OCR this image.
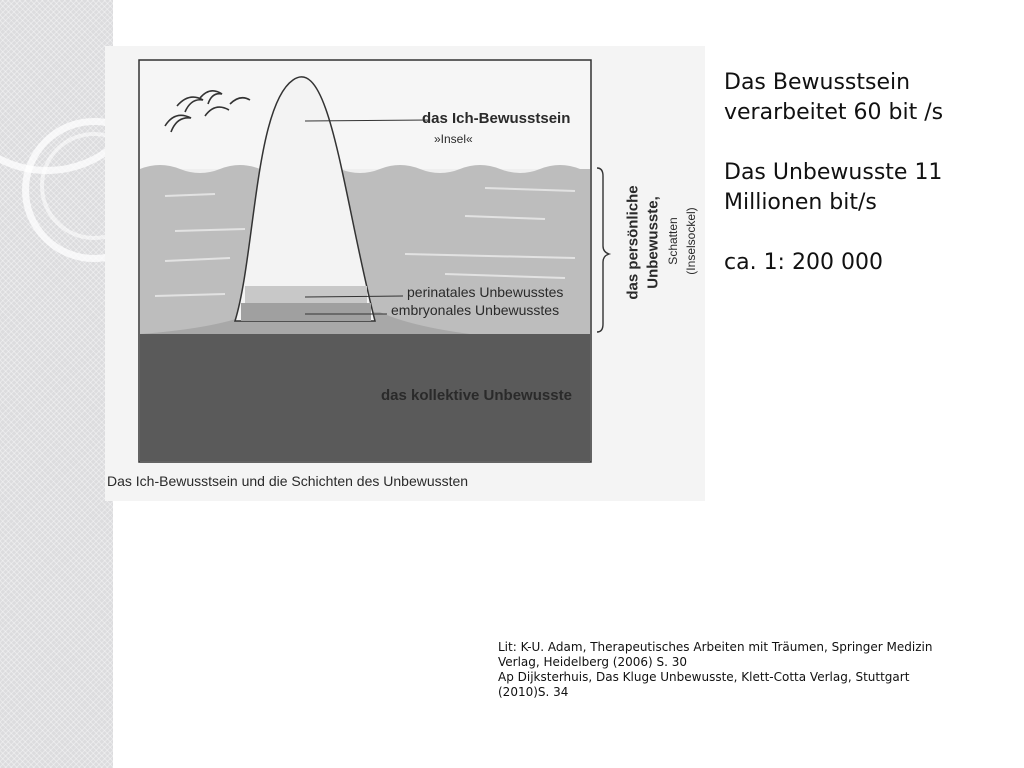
das Ich-Bewusstsein
»Insel«
perinatales Unbewusstes
embryonales Unbewusstes
das kollektive Unbewusste
Das Ich-Bewusstsein und die Schichten des Unbewussten
das persönliche Unbewusste, Schatten (Inselsockel)
Das Bewusstsein
verarbeitet 60 bit /s
Das Unbewusste 11
Millionen bit/s
ca. 1: 200 000
Lit: K-U. Adam, Therapeutisches Arbeiten mit Träumen, Springer Medizin
Verlag, Heidelberg (2006) S. 30
Ap Dijksterhuis, Das Kluge Unbewusste, Klett-Cotta Verlag, Stuttgart
(2010)S. 34
